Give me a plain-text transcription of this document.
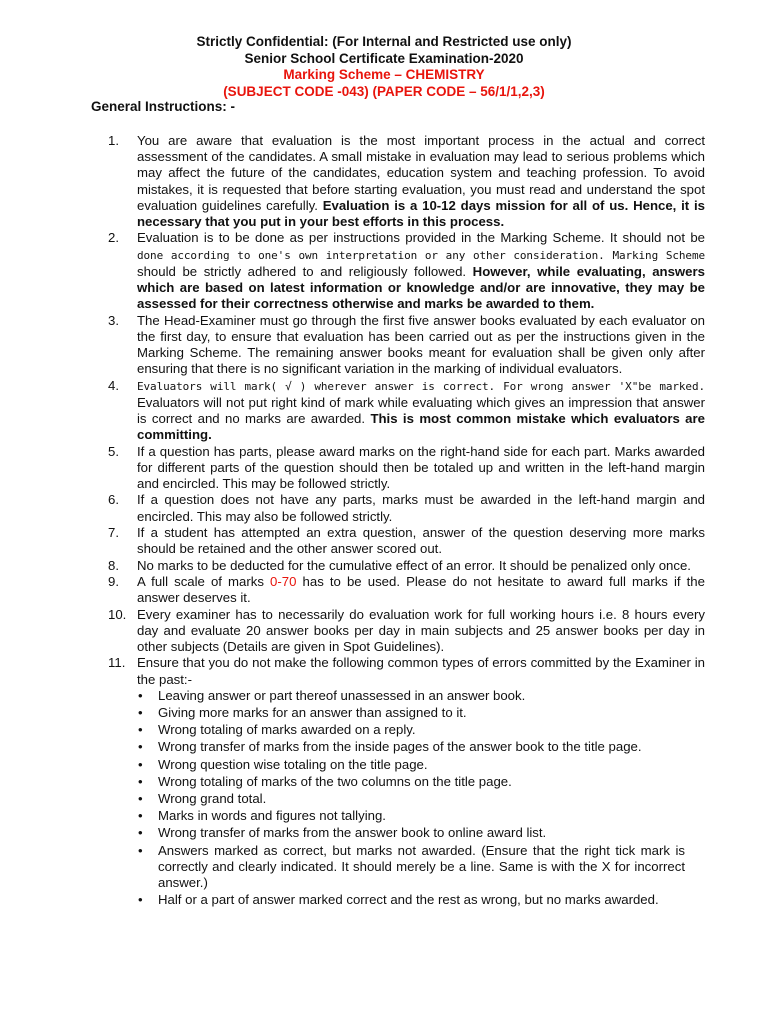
Strictly Confidential: (For Internal and Restricted use only)
Senior School Certificate Examination-2020
Marking Scheme – CHEMISTRY
(SUBJECT CODE -043) (PAPER CODE – 56/1/1,2,3)
General Instructions: -
1. You are aware that evaluation is the most important process in the actual and correct assessment of the candidates. A small mistake in evaluation may lead to serious problems which may affect the future of the candidates, education system and teaching profession. To avoid mistakes, it is requested that before starting evaluation, you must read and understand the spot evaluation guidelines carefully. Evaluation is a 10-12 days mission for all of us. Hence, it is necessary that you put in your best efforts in this process.
2. Evaluation is to be done as per instructions provided in the Marking Scheme. It should not be done according to one's own interpretation or any other consideration. Marking Scheme should be strictly adhered to and religiously followed. However, while evaluating, answers which are based on latest information or knowledge and/or are innovative, they may be assessed for their correctness otherwise and marks be awarded to them.
3. The Head-Examiner must go through the first five answer books evaluated by each evaluator on the first day, to ensure that evaluation has been carried out as per the instructions given in the Marking Scheme. The remaining answer books meant for evaluation shall be given only after ensuring that there is no significant variation in the marking of individual evaluators.
4. Evaluators will mark( √ ) wherever answer is correct. For wrong answer 'X"be marked. Evaluators will not put right kind of mark while evaluating which gives an impression that answer is correct and no marks are awarded. This is most common mistake which evaluators are committing.
5. If a question has parts, please award marks on the right-hand side for each part. Marks awarded for different parts of the question should then be totaled up and written in the left-hand margin and encircled. This may be followed strictly.
6. If a question does not have any parts, marks must be awarded in the left-hand margin and encircled. This may also be followed strictly.
7. If a student has attempted an extra question, answer of the question deserving more marks should be retained and the other answer scored out.
8. No marks to be deducted for the cumulative effect of an error. It should be penalized only once.
9. A full scale of marks 0-70 has to be used. Please do not hesitate to award full marks if the answer deserves it.
10. Every examiner has to necessarily do evaluation work for full working hours i.e. 8 hours every day and evaluate 20 answer books per day in main subjects and 25 answer books per day in other subjects (Details are given in Spot Guidelines).
11. Ensure that you do not make the following common types of errors committed by the Examiner in the past:-
• Leaving answer or part thereof unassessed in an answer book.
• Giving more marks for an answer than assigned to it.
• Wrong totaling of marks awarded on a reply.
• Wrong transfer of marks from the inside pages of the answer book to the title page.
• Wrong question wise totaling on the title page.
• Wrong totaling of marks of the two columns on the title page.
• Wrong grand total.
• Marks in words and figures not tallying.
• Wrong transfer of marks from the answer book to online award list.
• Answers marked as correct, but marks not awarded. (Ensure that the right tick mark is correctly and clearly indicated. It should merely be a line. Same is with the X for incorrect answer.)
• Half or a part of answer marked correct and the rest as wrong, but no marks awarded.
